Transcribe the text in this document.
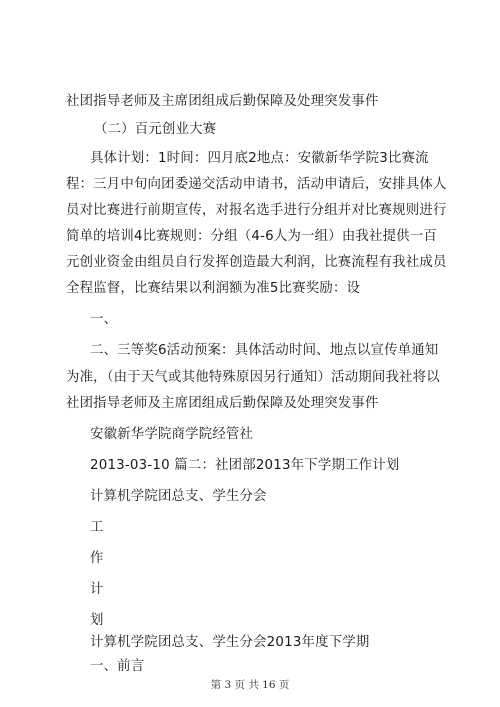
社团指导老师及主席团组成后勤保障及处理突发事件
（二）百元创业大赛
具体计划：1时间：四月底2地点：安徽新华学院3比赛流
程：三月中旬向团委递交活动申请书，活动申请后，安排具体人
员对比赛进行前期宣传，对报名选手进行分组并对比赛规则进行
简单的培训4比赛规则：分组（4-6人为一组）由我社提供一百
元创业资金由组员自行发挥创造最大利润，比赛流程有我社成员
全程监督，比赛结果以利润额为准5比赛奖励：设
一、
二、三等奖6活动预案：具体活动时间、地点以宣传单通知
为准，（由于天气或其他特殊原因另行通知）活动期间我社将以
社团指导老师及主席团组成后勤保障及处理突发事件
安徽新华学院商学院经管社
2013-03-10 篇二：社团部2013年下学期工作计划
计算机学院团总支、学生分会
工
作
计
划
计算机学院团总支、学生分会2013年度下学期
一、前言
第 3 页 共 16 页
